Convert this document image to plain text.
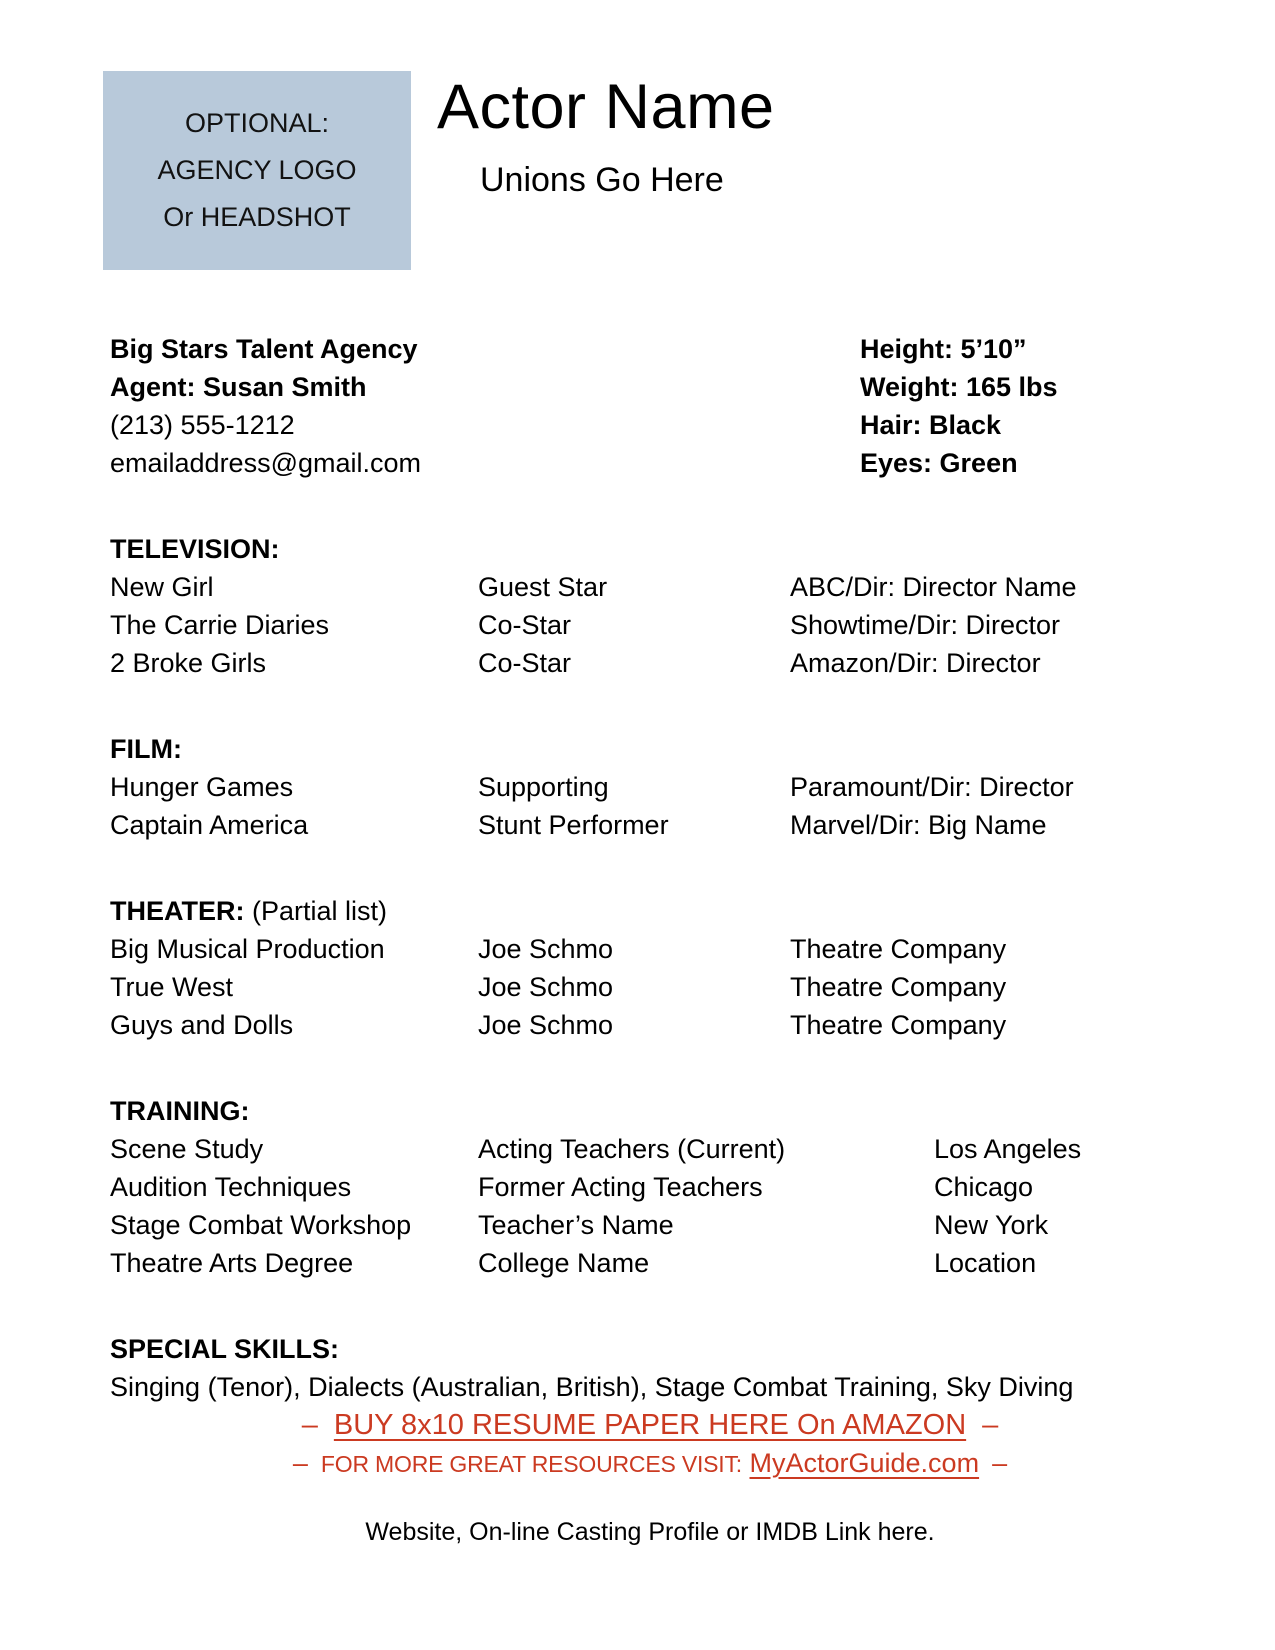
OPTIONAL:
AGENCY LOGO
Or HEADSHOT
Actor Name
Unions Go Here
Big Stars Talent Agency
Agent: Susan Smith
(213) 555-1212
emailaddress@gmail.com
Height: 5’10”
Weight: 165 lbs
Hair: Black
Eyes: Green
TELEVISION:
New Girl	Guest Star	ABC/Dir: Director Name
The Carrie Diaries	Co-Star	Showtime/Dir: Director
2 Broke Girls	Co-Star	Amazon/Dir: Director
FILM:
Hunger Games	Supporting	Paramount/Dir: Director
Captain America	Stunt Performer	Marvel/Dir: Big Name
THEATER: (Partial list)
Big Musical Production	Joe Schmo	Theatre Company
True West	Joe Schmo	Theatre Company
Guys and Dolls	Joe Schmo	Theatre Company
TRAINING:
Scene Study	Acting Teachers (Current)	Los Angeles
Audition Techniques	Former Acting Teachers	Chicago
Stage Combat Workshop	Teacher’s Name	New York
Theatre Arts Degree	College Name	Location
SPECIAL SKILLS:
Singing (Tenor), Dialects (Australian, British), Stage Combat Training, Sky Diving
– BUY 8x10 RESUME PAPER HERE On AMAZON –
– FOR MORE GREAT RESOURCES VISIT: MyActorGuide.com –
Website, On-line Casting Profile or IMDB Link here.
